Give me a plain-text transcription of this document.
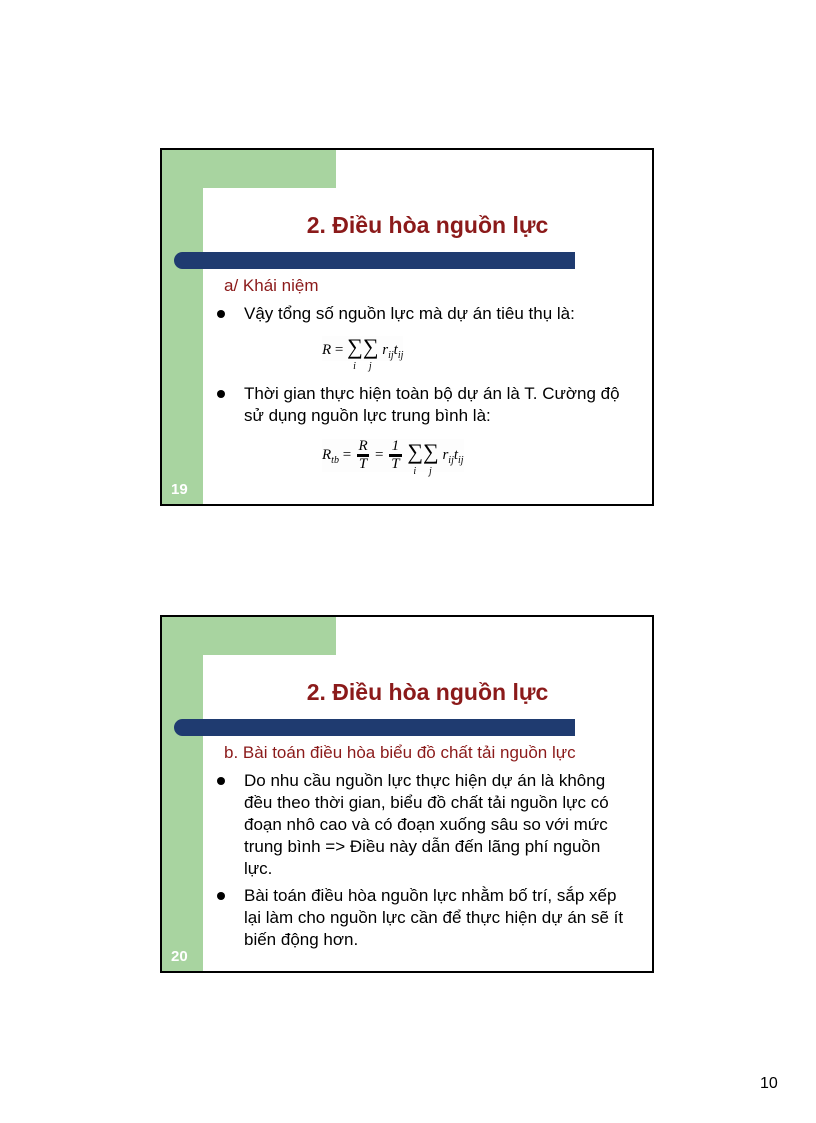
2. Điều hòa nguồn lực
a/ Khái niệm
Vậy tổng số nguồn lực mà dự án tiêu thụ là:
R = ∑
i
∑
j
$r_{ij}t_{ij}$
Thời gian thực hiện toàn bộ dự án là T. Cường độ sử dụng nguồn lực trung bình là:
$R_{tb} = \frac{R}{T} = \frac{1}{T}$ ∑
i
∑
j
$r_{ij}t_{ij}$
19
2. Điều hòa nguồn lực
b. Bài toán điều hòa biểu đồ chất tải nguồn lực
Do nhu cầu nguồn lực thực hiện dự án là không đều theo thời gian, biểu đồ chất tải nguồn lực có đoạn nhô cao và có đoạn xuống sâu so với mức trung bình => Điều này dẫn đến lãng phí nguồn lực.
Bài toán điều hòa nguồn lực nhằm bố trí, sắp xếp lại làm cho nguồn lực cần để thực hiện dự án sẽ ít biến động hơn.
20
10
